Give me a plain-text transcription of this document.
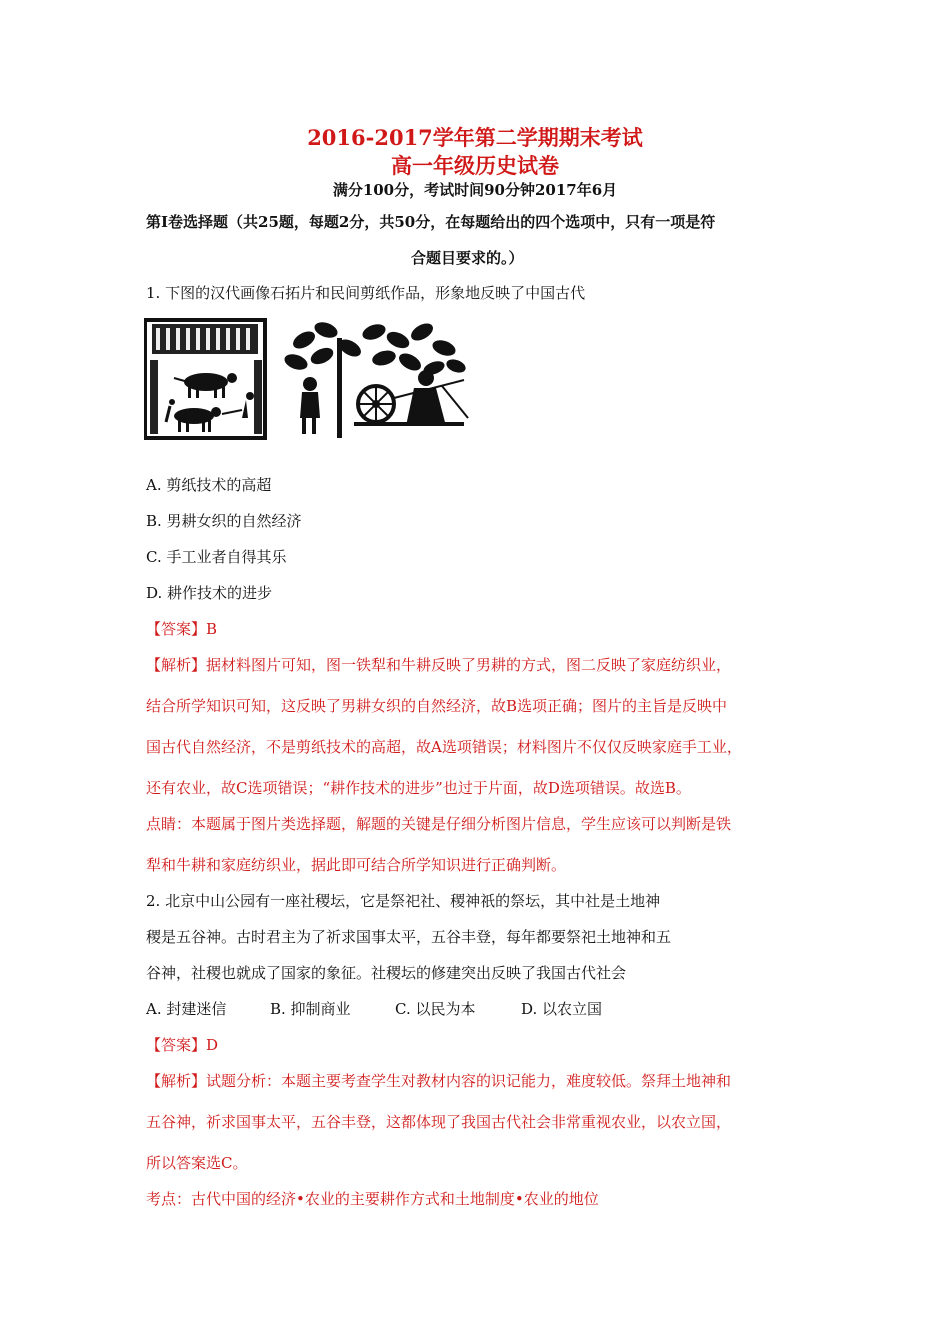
2016-2017学年第二学期期末考试
高一年级历史试卷
满分100分，考试时间90分钟2017年6月
第Ⅰ卷选择题（共25题，每题2分，共50分，在每题给出的四个选项中，只有一项是符
合题目要求的。）
1. 下图的汉代画像石拓片和民间剪纸作品，形象地反映了中国古代
A. 剪纸技术的高超
B. 男耕女织的自然经济
C. 手工业者自得其乐
D. 耕作技术的进步
【答案】B
【解析】据材料图片可知，图一铁犁和牛耕反映了男耕的方式，图二反映了家庭纺织业，
结合所学知识可知，这反映了男耕女织的自然经济，故B选项正确；图片的主旨是反映中
国古代自然经济，不是剪纸技术的高超，故A选项错误；材料图片不仅仅反映家庭手工业，
还有农业，故C选项错误；“耕作技术的进步”也过于片面，故D选项错误。故选B。
点睛：本题属于图片类选择题，解题的关键是仔细分析图片信息，学生应该可以判断是铁
犁和牛耕和家庭纺织业，据此即可结合所学知识进行正确判断。
2. 北京中山公园有一座社稷坛，它是祭祀社、稷神祇的祭坛，其中社是土地神
稷是五谷神。古时君主为了祈求国事太平，五谷丰登，每年都要祭祀土地神和五
谷神，社稷也就成了国家的象征。社稷坛的修建突出反映了我国古代社会
A. 封建迷信	B. 抑制商业	C. 以民为本	D. 以农立国
【答案】D
【解析】试题分析：本题主要考查学生对教材内容的识记能力，难度较低。祭拜土地神和
五谷神，祈求国事太平，五谷丰登，这都体现了我国古代社会非常重视农业，以农立国，
所以答案选C。
考点：古代中国的经济•农业的主要耕作方式和土地制度•农业的地位
